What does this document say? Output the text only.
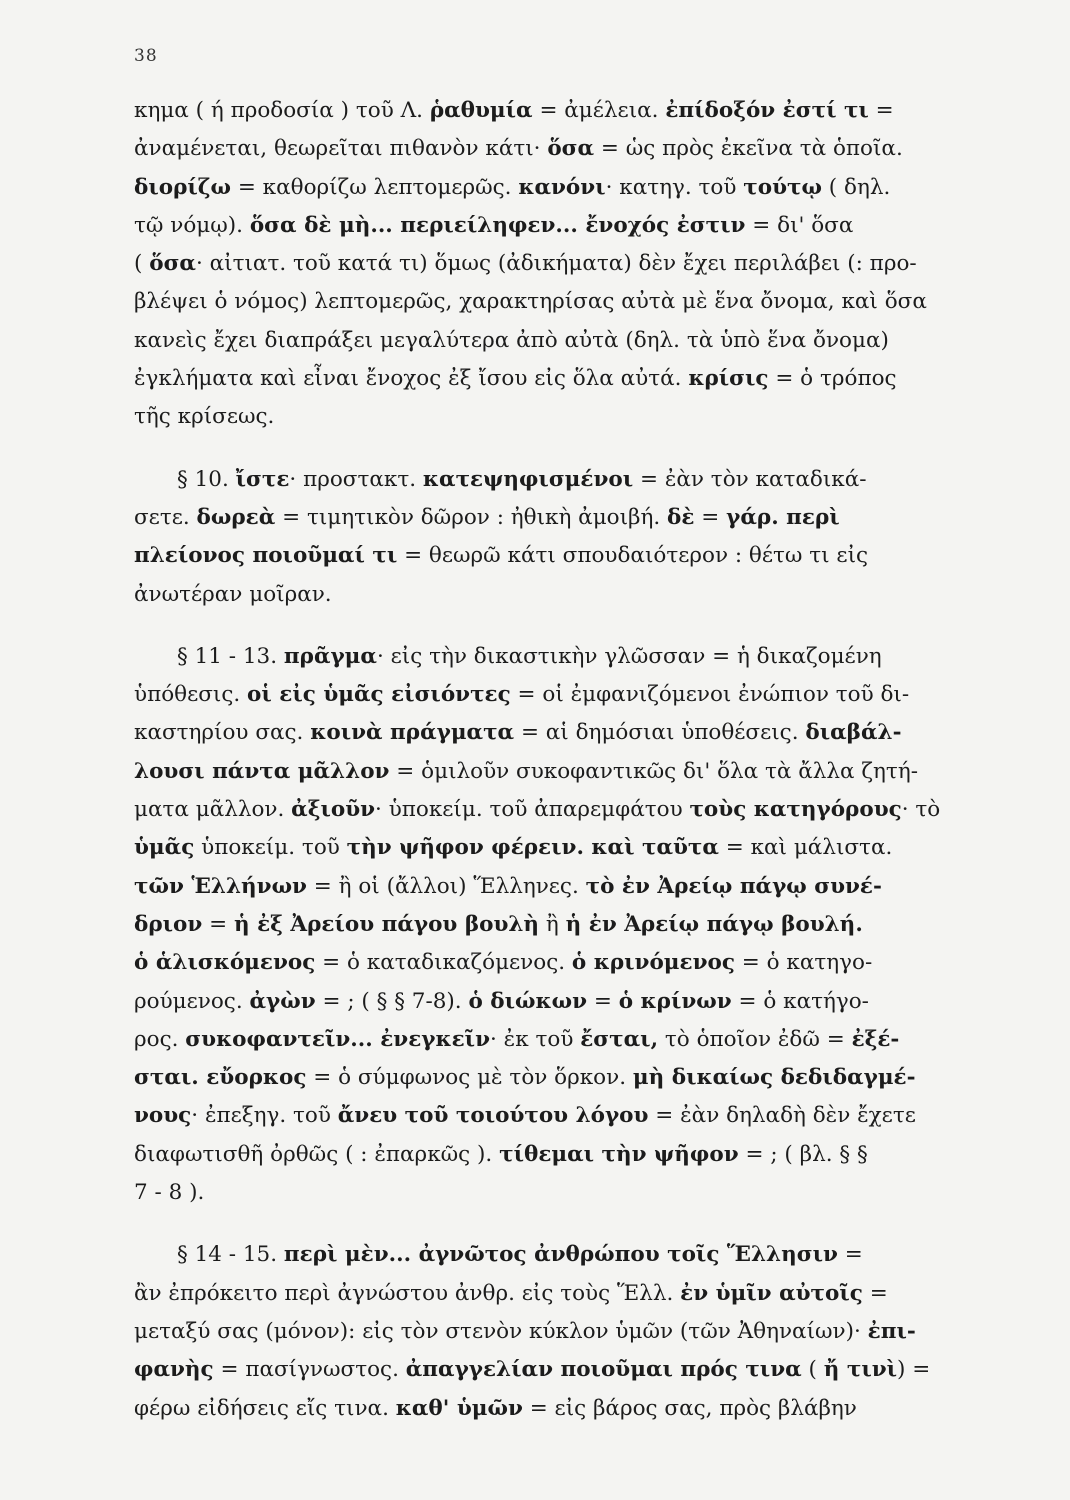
38
κημα ( ή προδοσία ) τοῦ Λ. ῥαθυμία = ἀμέλεια. ἐπίδοξόν ἐστί τι =
ἀναμένεται, θεωρεῖται πιθανὸν κάτι· ὅσα = ὡς πρὸς ἐκεῖνα τὰ ὁποῖα.
διορίζω = καθορίζω λεπτομερῶς. κανόνι· κατηγ. τοῦ τούτῳ ( δηλ.
τῷ νόμῳ). ὅσα δὲ μὴ... περιείληφεν... ἔνοχός ἐστιν = δι' ὅσα
( ὅσα· αἰτιατ. τοῦ κατά τι) ὅμως (ἀδικήματα) δὲν ἔχει περιλάβει (: προ-
βλέψει ὁ νόμος) λεπτομερῶς, χαρακτηρίσας αὐτὰ μὲ ἕνα ὄνομα, καὶ ὅσα
κανεὶς ἔχει διαπράξει μεγαλύτερα ἀπὸ αὐτὰ (δηλ. τὰ ὑπὸ ἕνα ὄνομα)
ἐγκλήματα καὶ εἶναι ἔνοχος ἐξ ἴσου εἰς ὅλα αὐτά. κρίσις = ὁ τρόπος
τῆς κρίσεως.
  § 10. ἴστε· προστακτ. κατεψηφισμένοι = ἐὰν τὸν καταδικά-
σετε. δωρεὰ = τιμητικὸν δῶρον : ἠθικὴ ἀμοιβή. δὲ = γάρ. περὶ
πλείονος ποιοῦμαί τι = θεωρῶ κάτι σπουδαιότερον : θέτω τι εἰς
ἀνωτέραν μοῖραν.
  § 11 - 13. πρᾶγμα· εἰς τὴν δικαστικὴν γλῶσσαν = ἡ δικαζομένη
ὑπόθεσις. οἱ εἰς ὑμᾶς εἰσιόντες = οἱ ἐμφανιζόμενοι ἐνώπιον τοῦ δι-
καστηρίου σας. κοινὰ πράγματα = αἱ δημόσιαι ὑποθέσεις. διαβάλ-
λουσι πάντα μᾶλλον = ὁμιλοῦν συκοφαντικῶς δι' ὅλα τὰ ἄλλα ζητή-
ματα μᾶλλον. ἀξιοῦν· ὑποκείμ. τοῦ ἀπαρεμφάτου τοὺς κατηγόρους· τὸ
ὑμᾶς ὑποκείμ. τοῦ τὴν ψῆφον φέρειν. καὶ ταῦτα = καὶ μάλιστα.
τῶν Ἑλλήνων = ἢ οἱ (ἄλλοι) Ἕλληνες. τὸ ἐν Ἀρείῳ πάγῳ συνέ-
δριον = ἡ ἐξ Ἀρείου πάγου βουλὴ ἢ ἡ ἐν Ἀρείῳ πάγῳ βουλή.
ὁ ἁλισκόμενος = ὁ καταδικαζόμενος. ὁ κρινόμενος = ὁ κατηγο-
ρούμενος. ἀγὼν = ; ( § § 7-8). ὁ διώκων = ὁ κρίνων = ὁ κατήγο-
ρος. συκοφαντεῖν... ἐνεγκεῖν· ἐκ τοῦ ἔσται, τὸ ὁποῖον ἐδῶ = ἐξέ-
σται. εὔορκος = ὁ σύμφωνος μὲ τὸν ὅρκον. μὴ δικαίως δεδιδαγμέ-
νους· ἐπεξηγ. τοῦ ἄνευ τοῦ τοιούτου λόγου = ἐὰν δηλαδὴ δὲν ἔχετε
διαφωτισθῆ ὀρθῶς ( : ἐπαρκῶς ). τίθεμαι τὴν ψῆφον = ; ( βλ. § §
7 - 8 ).
  § 14 - 15. περὶ μὲν... ἀγνῶτος ἀνθρώπου τοῖς Ἕλλησιν =
ἂν ἐπρόκειτο περὶ ἀγνώστου ἀνθρ. εἰς τοὺς Ἕλλ. ἐν ὑμῖν αὐτοῖς =
μεταξύ σας (μόνον): εἰς τὸν στενὸν κύκλον ὑμῶν (τῶν Ἀθηναίων)· ἐπι-
φανὴς = πασίγνωστος. ἀπαγγελίαν ποιοῦμαι πρός τινα ( ἤ τινὶ) =
φέρω εἰδήσεις εἴς τινα. καθ' ὑμῶν = εἰς βάρος σας, πρὸς βλάβην
